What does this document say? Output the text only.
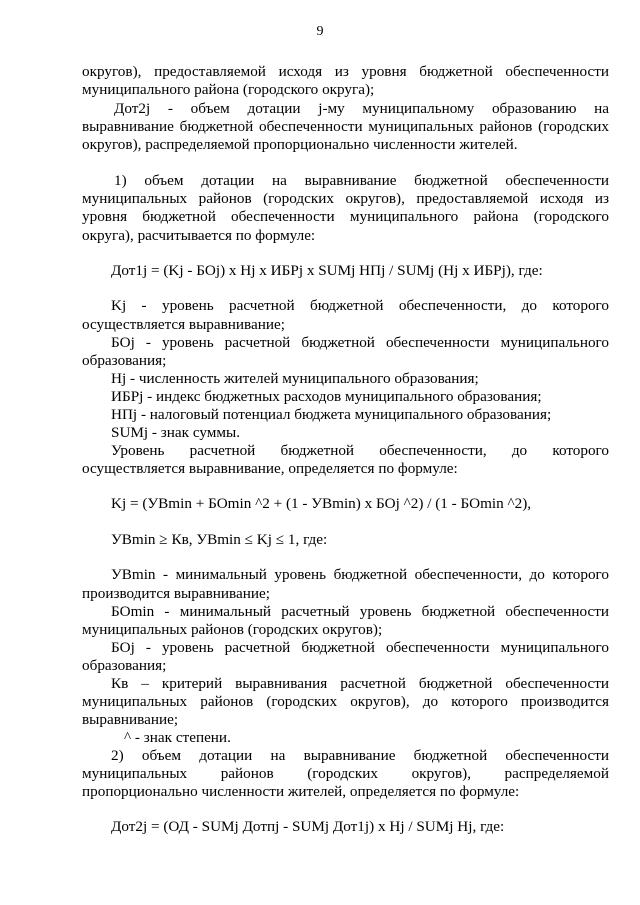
9
округов), предоставляемой исходя из уровня бюджетной обеспеченности
муниципального района (городского округа);
Дот2j - объем дотации j-му муниципальному образованию на
выравнивание бюджетной обеспеченности муниципальных районов (городских
округов), распределяемой пропорционально численности жителей.
1) объем дотации на выравнивание бюджетной обеспеченности
муниципальных районов (городских округов), предоставляемой исходя из
уровня бюджетной обеспеченности муниципального района (городского
округа), расчитывается по формуле:
Дот1j = (Kj - БОj) x Hj x ИБРj x SUMj НПj / SUMj (Hj x ИБРj), где:
Kj - уровень расчетной бюджетной обеспеченности, до которого
осуществляется выравнивание;
БОj - уровень расчетной бюджетной обеспеченности муниципального
образования;
Hj - численность жителей муниципального образования;
ИБРj - индекс бюджетных расходов муниципального образования;
НПj - налоговый потенциал бюджета муниципального образования;
SUMj - знак суммы.
Уровень расчетной бюджетной обеспеченности, до которого
осуществляется выравнивание, определяется по формуле:
Kj = (УВmin + БОmin ^2 + (1 - УВmin) x БОj ^2) / (1 - БОmin ^2),
УВmin ≥ Кв, УВmin ≤ Kj ≤ 1, где:
УВmin - минимальный уровень бюджетной обеспеченности, до которого
производится выравнивание;
БОmin - минимальный расчетный уровень бюджетной обеспеченности
муниципальных районов (городских округов);
БОj - уровень расчетной бюджетной обеспеченности муниципального
образования;
Кв – критерий выравнивания расчетной бюджетной обеспеченности
муниципальных районов (городских округов), до которого производится
выравнивание;
^ - знак степени.
2) объем дотации на выравнивание бюджетной обеспеченности
муниципальных районов (городских округов), распределяемой
пропорционально численности жителей, определяется по формуле:
Дот2j = (ОД - SUMj Дотпj - SUMj Дот1j) x Hj / SUMj Hj, где:
